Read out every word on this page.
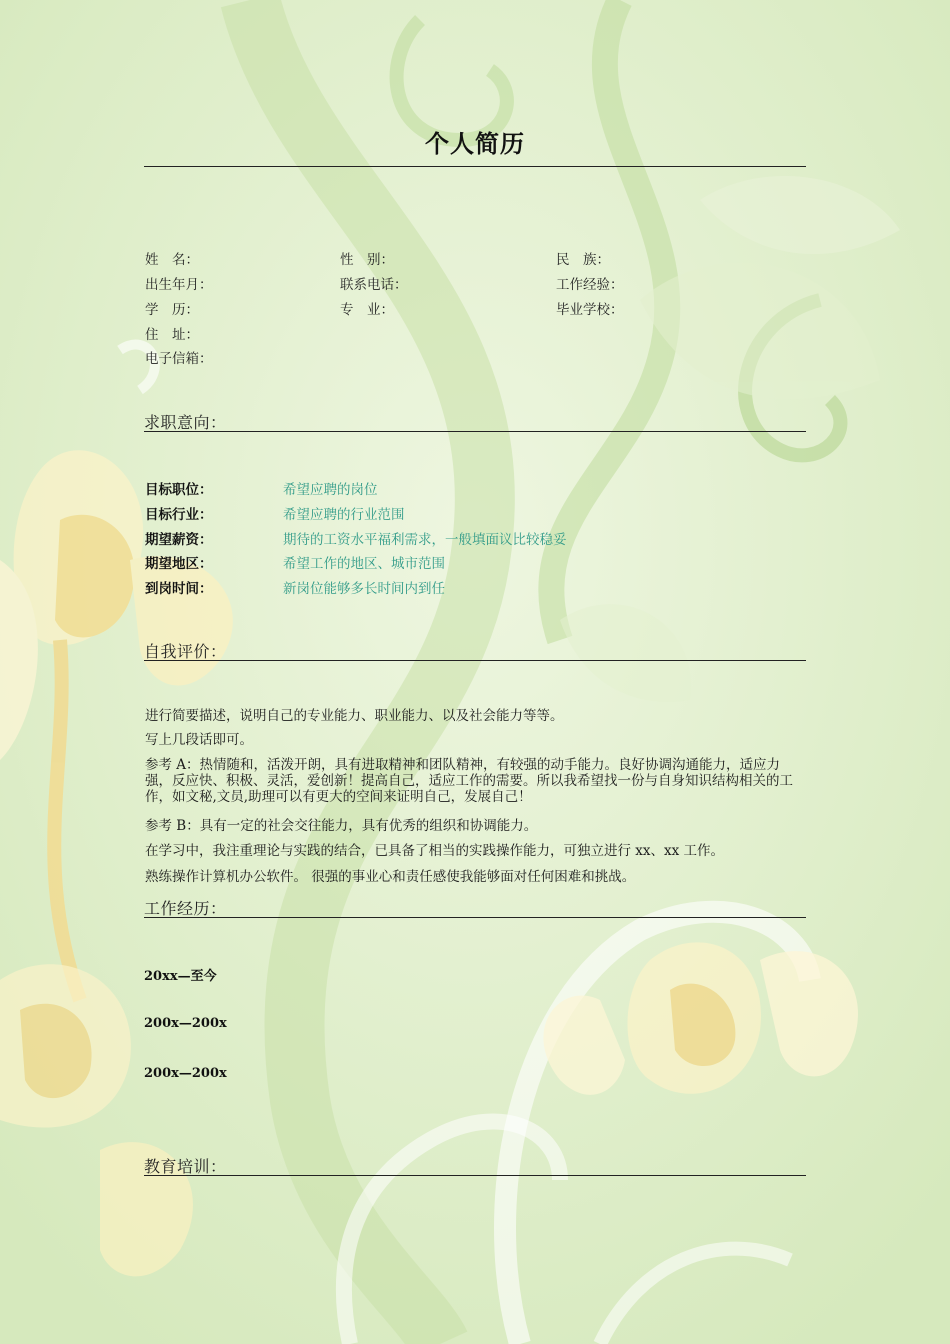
个人简历
姓　名：	性　别：	民　族：
出生年月：	联系电话：	工作经验：
学　历：	专　业：	毕业学校：
住　址：
电子信箱：
求职意向：
目标职位：	希望应聘的岗位
目标行业：	希望应聘的行业范围
期望薪资：	期待的工资水平福利需求，一般填面议比较稳妥
期望地区：	希望工作的地区、城市范围
到岗时间：	新岗位能够多长时间内到任
自我评价：
进行简要描述，说明自己的专业能力、职业能力、以及社会能力等等。
写上几段话即可。
参考 A：热情随和，活泼开朗，具有进取精神和团队精神，有较强的动手能力。良好协调沟通能力，适应力强，反应快、积极、灵活，爱创新！提高自己，适应工作的需要。所以我希望找一份与自身知识结构相关的工作，如文秘,文员,助理可以有更大的空间来证明自己，发展自己！
参考 B：具有一定的社会交往能力，具有优秀的组织和协调能力。
在学习中，我注重理论与实践的结合，已具备了相当的实践操作能力，可独立进行 xx、xx 工作。
熟练操作计算机办公软件。 很强的事业心和责任感使我能够面对任何困难和挑战。
工作经历：
20xx—至今
200x—200x
200x—200x
教育培训：
